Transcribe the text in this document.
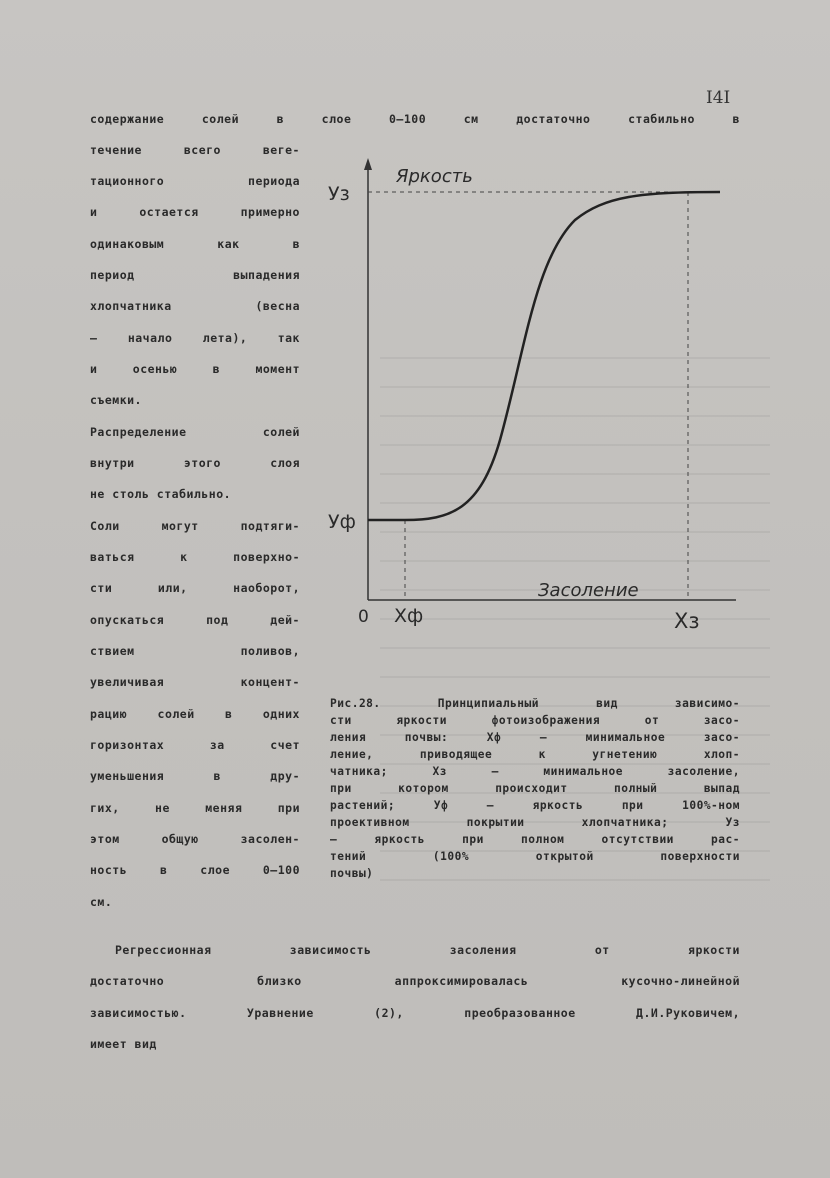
I4I
содержание солей в слое 0–100 см достаточно стабильно в
течение всего веге-
тационного периода
и остается примерно
одинаковым как в
период выпадения
хлопчатника (весна
– начало лета), так
и осенью в момент
съемки.
Распределение солей
внутри этого слоя
не столь стабильно.
Соли могут подтяги-
ваться к поверхно-
сти или, наоборот,
опускаться под дей-
ствием поливов,
увеличивая концент-
рацию солей в одних
горизонтах за счет
уменьшения в дру-
гих, не меняя при
этом общую засолен-
ность в слое 0–100
см.
Яркость
Уз
Уф
0 Хф
Засоление
Хз
Рис.28. Принципиальный вид зависимо-
сти яркости фотоизображения от засо-
ления почвы: Хф – минимальное засо-
ление, приводящее к угнетению хлоп-
чатника; Хз – минимальное засоление,
при котором происходит полный выпад
растений; Уф – яркость при 100%-ном
проективном покрытии хлопчатника; Уз
– яркость при полном отсутствии рас-
тений (100% открытой поверхности
почвы)
Регрессионная зависимость засоления от яркости
достаточно близко аппроксимировалась кусочно-линейной
зависимостью. Уравнение (2), преобразованное Д.И.Руковичем,
имеет вид
